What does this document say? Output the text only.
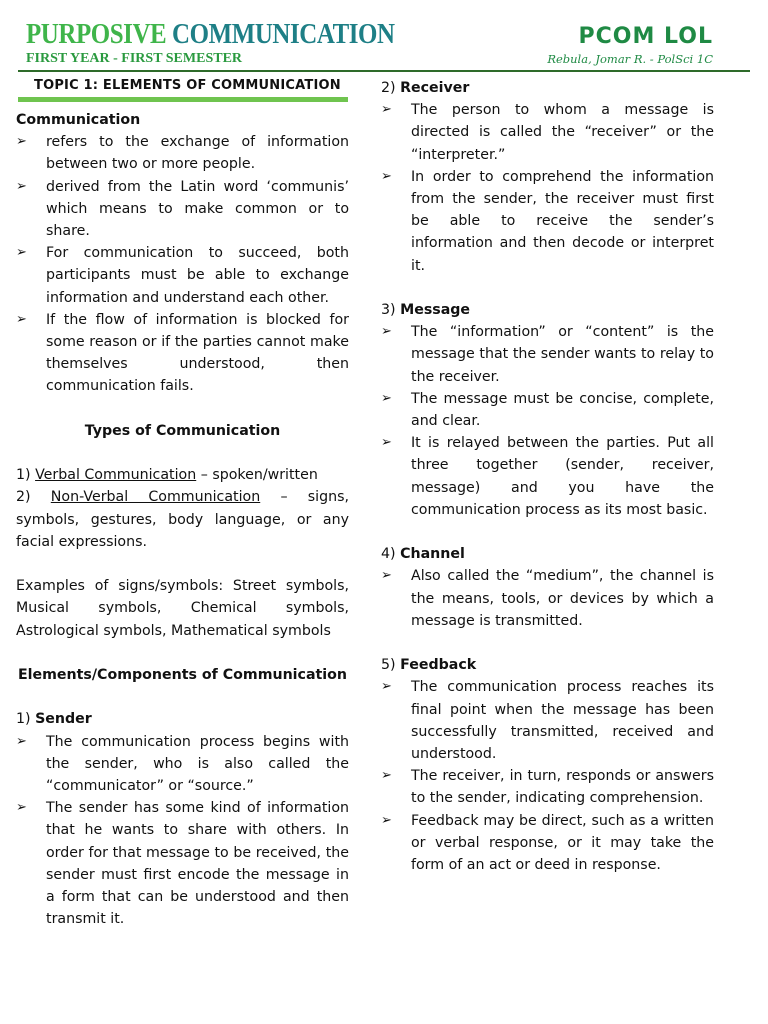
PURPOSIVE COMMUNICATION
FIRST YEAR - FIRST SEMESTER
PCOM LOL
Rebula, Jomar R. - PolSci 1C
TOPIC 1: ELEMENTS OF COMMUNICATION

Communication

➢ refers to the exchange of information between two or more people.
➢ derived from the Latin word ‘communis’ which means to make common or to share.
➢ For communication to succeed, both participants must be able to exchange information and understand each other.
➢ If the flow of information is blocked for some reason or if the parties cannot make themselves understood, then communication fails.

Types of Communication

1) Verbal Communication – spoken/written

2) Non-Verbal Communication – signs, symbols, gestures, body language, or any facial expressions.

Examples of signs/symbols: Street symbols, Musical symbols, Chemical symbols, Astrological symbols, Mathematical symbols

Elements/Components of Communication

1) Sender

➢ The communication process begins with the sender, who is also called the “communicator” or “source.”
➢ The sender has some kind of information that he wants to share with others. In order for that message to be received, the sender must first encode the message in a form that can be understood and then transmit it.

2) Receiver

➢ The person to whom a message is directed is called the “receiver” or the “interpreter.”
➢ In order to comprehend the information from the sender, the receiver must first be able to receive the sender’s information and then decode or interpret it.

3) Message

➢ The “information” or “content” is the message that the sender wants to relay to the receiver.
➢ The message must be concise, complete, and clear.
➢ It is relayed between the parties. Put all three together (sender, receiver, message) and you have the communication process as its most basic.

4) Channel

➢ Also called the “medium”, the channel is the means, tools, or devices by which a message is transmitted.

5) Feedback

➢ The communication process reaches its final point when the message has been successfully transmitted, received and understood.
➢ The receiver, in turn, responds or answers to the sender, indicating comprehension.
➢ Feedback may be direct, such as a written or verbal response, or it may take the form of an act or deed in response.
